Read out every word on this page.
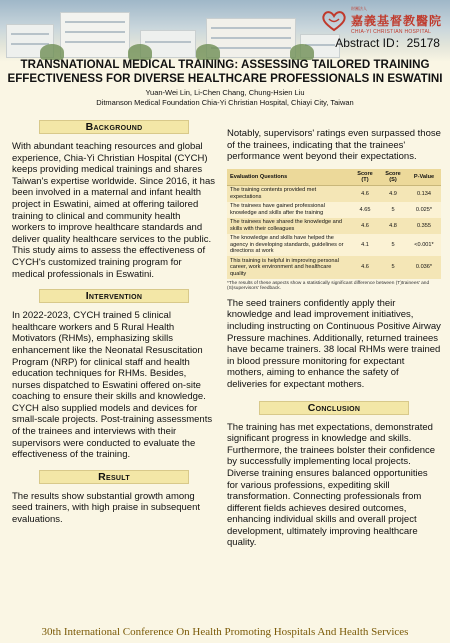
財團法人
嘉義基督教醫院
CHIA-YI CHRISTIAN HOSPITAL
Abstract ID：25178
TRANSNATIONAL MEDICAL TRAINING: ASSESSING TAILORED TRAINING
EFFECTIVENESS FOR DIVERSE HEALTHCARE PROFESSIONALS IN ESWATINI
Yuan-Wei Lin, Li-Chen Chang, Chung-Hsien Liu
Ditmanson Medical Foundation Chia-Yi Christian Hospital, Chiayi City, Taiwan
Background

With abundant teaching resources and global experience, Chia-Yi Christian Hospital (CYCH) keeps providing medical trainings and shares Taiwan's expertise worldwide. Since 2016, it has been involved in a maternal and infant health project in Eswatini, aimed at offering tailored training to clinical and community health workers to improve healthcare standards and deliver quality healthcare services to the public. This study aims to assess the effectiveness of CYCH's customized training program for medical professionals in Eswatini.

Intervention

In 2022-2023, CYCH trained 5 clinical healthcare workers and 5 Rural Health Motivators (RHMs), emphasizing skills enhancement like the Neonatal Resuscitation Program (NRP) for clinical staff and health education techniques for RHMs. Besides, nurses dispatched to Eswatini offered on-site coaching to ensure their skills and knowledge. CYCH also supplied models and devices for small-scale projects. Post-training assessments of the trainees and interviews with their supervisors were conducted to evaluate the effectiveness of the training.

Result

The results show substantial growth among seed trainers, with high praise in subsequent evaluations.

Notably, supervisors' ratings even surpassed those of the trainees, indicating that the trainees' performance went beyond their expectations.

Evaluation Questions	Score (T)	Score (S)	P-Value
The training contents provided met expectations	4.6	4.9	0.134
The trainees have gained professional knowledge and skills after the training	4.65	5	0.025*
The trainees have shared the knowledge and skills with their colleagues	4.6	4.8	0.355
The knowledge and skills have helped the agency in developing standards, guidelines or directions at work	4.1	5	<0.001*
This training is helpful in improving personal career, work environment and healthcare quality	4.6	5	0.036*

*The results of these aspects show a statistically significant difference between (T)trainees' and (S)supervisors' feedback.

The seed trainers confidently apply their knowledge and lead improvement initiatives, including instructing on Continuous Positive Airway Pressure machines. Additionally, returned trainees have became trainers. 38 local RHMs were trained in blood pressure monitoring for expectant mothers, aiming to enhance the safety of deliveries for expectant mothers.

Conclusion

The training has met expectations, demonstrated significant progress in knowledge and skills. Furthermore, the trainees bolster their confidence by successfully implementing local projects. Diverse training ensures balanced opportunities for various professions, expediting skill transformation. Connecting professionals from different fields achieves desired outcomes, enhancing individual skills and overall project development, ultimately improving healthcare quality.

30th International Conference On Health Promoting Hospitals And Health Services
